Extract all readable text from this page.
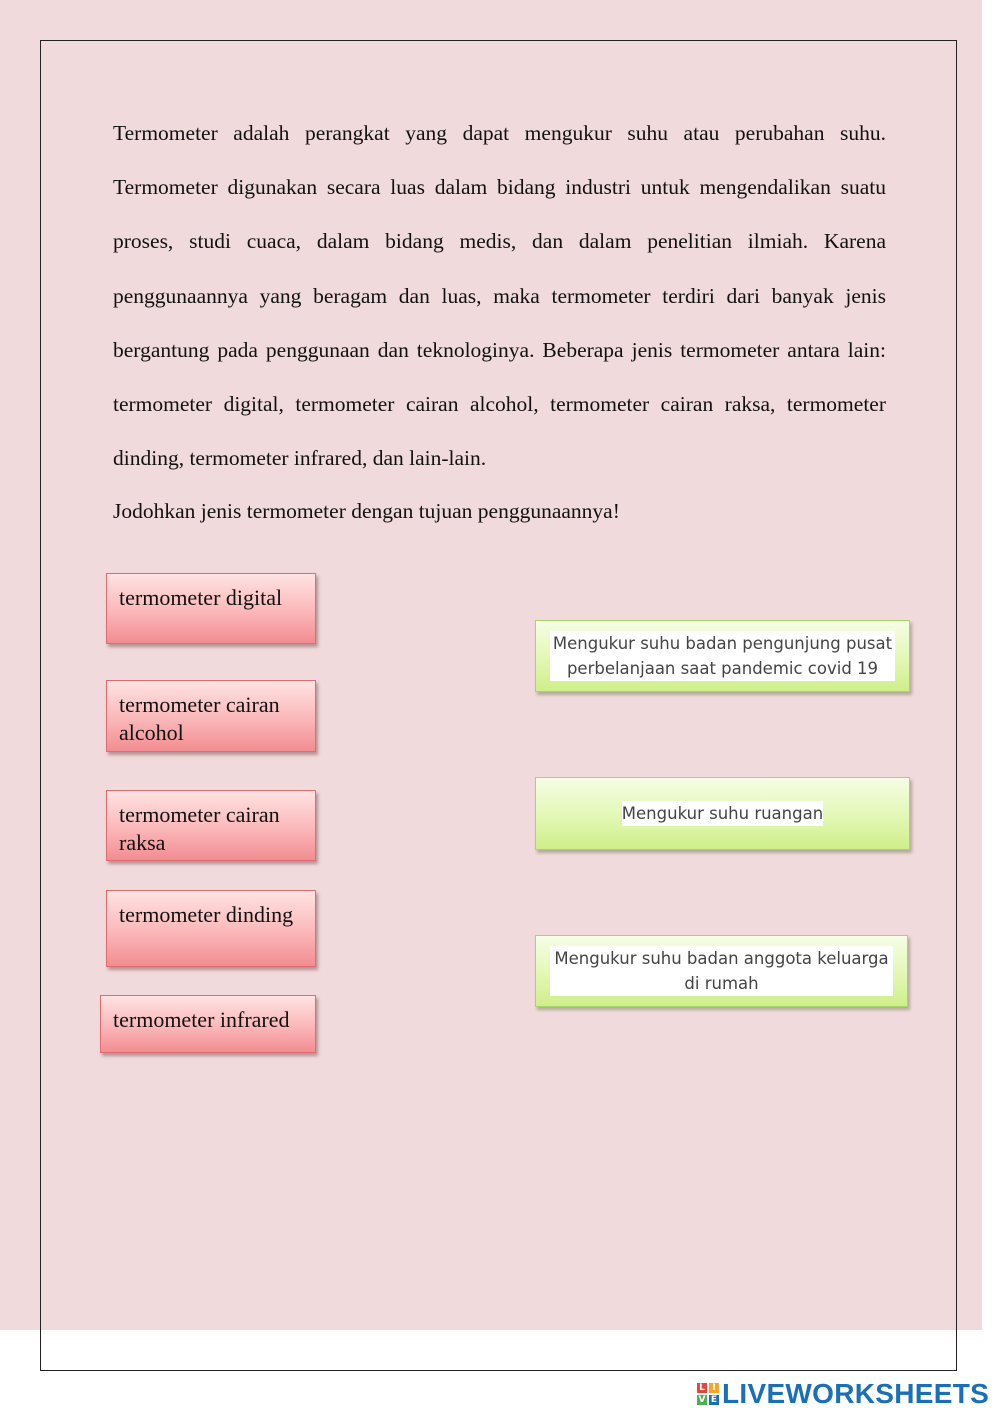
Termometer adalah perangkat yang dapat mengukur suhu atau perubahan suhu. Termometer digunakan secara luas dalam bidang industri untuk mengendalikan suatu proses, studi cuaca, dalam bidang medis, dan dalam penelitian ilmiah. Karena penggunaannya yang beragam dan luas, maka termometer terdiri dari banyak jenis bergantung pada penggunaan dan teknologinya. Beberapa jenis termometer antara lain: termometer digital, termometer cairan alcohol, termometer cairan raksa, termometer dinding, termometer infrared, dan lain-lain.

Jodohkan jenis termometer dengan tujuan penggunaannya!

termometer digital
termometer cairan alcohol
termometer cairan raksa
termometer dinding
termometer infrared
Mengukur suhu badan pengunjung pusat perbelanjaan saat pandemic covid 19
Mengukur suhu ruangan
Mengukur suhu badan anggota keluarga di rumah
L I
V E LIVEWORKSHEETS
